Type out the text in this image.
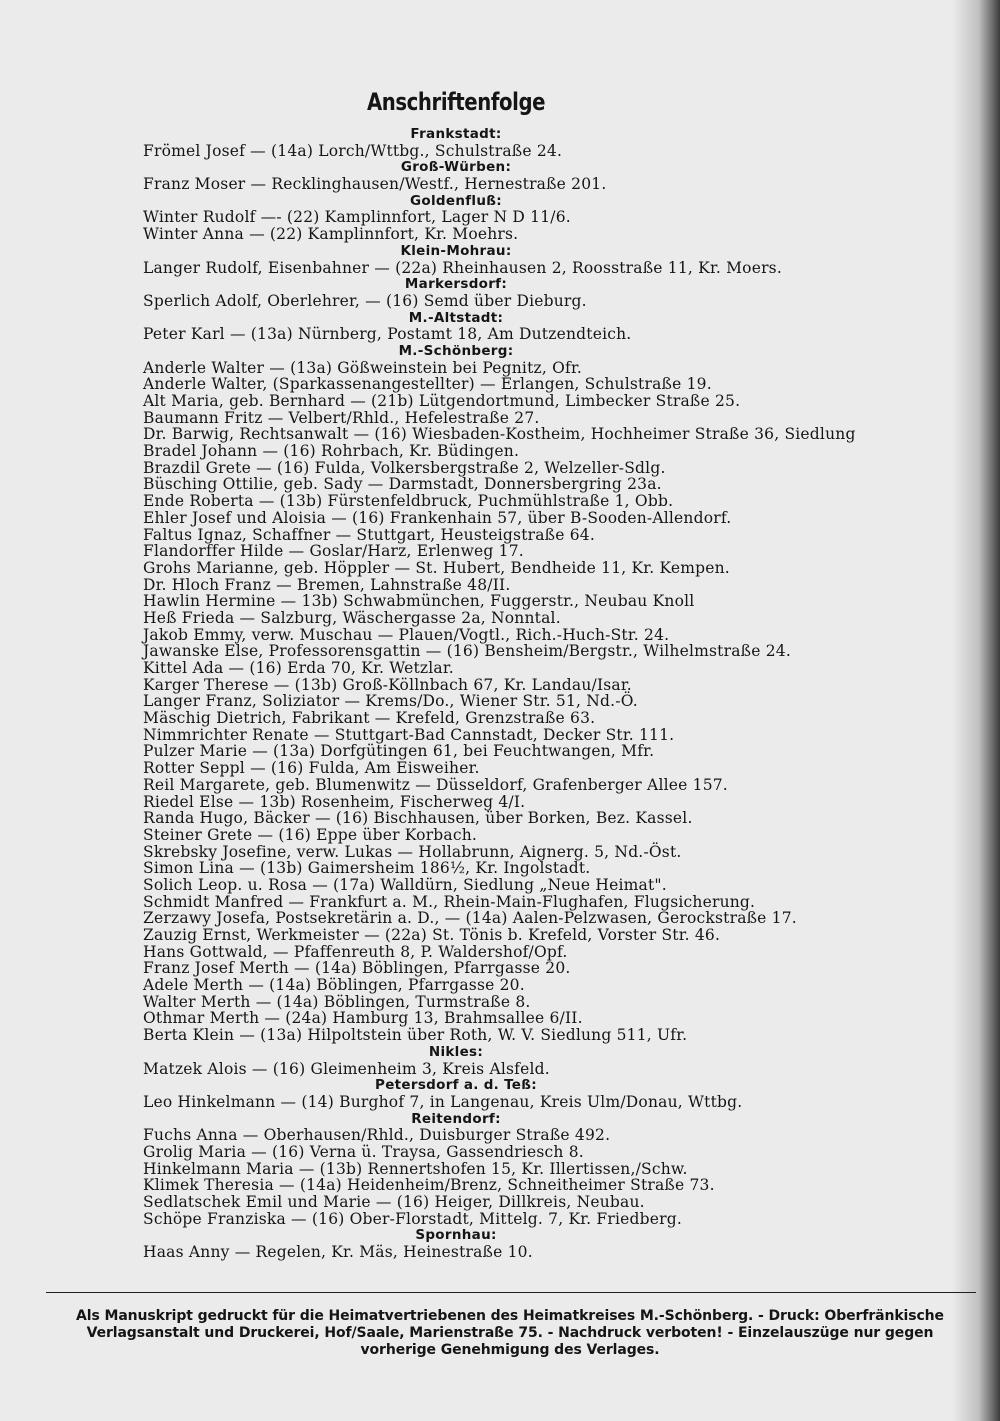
Anschriftenfolge
Frankstadt:
Frömel Josef — (14a) Lorch/Wttbg., Schulstraße 24.
Groß-Würben:
Franz Moser — Recklinghausen/Westf., Hernestraße 201.
Goldenfluß:
Winter Rudolf —- (22) Kamplinnfort, Lager N D 11/6.
Winter Anna — (22) Kamplinnfort, Kr. Moehrs.
Klein-Mohrau:
Langer Rudolf, Eisenbahner — (22a) Rheinhausen 2, Roosstraße 11, Kr. Moers.
Markersdorf:
Sperlich Adolf, Oberlehrer, — (16) Semd über Dieburg.
M.-Altstadt:
Peter Karl — (13a) Nürnberg, Postamt 18, Am Dutzendteich.
M.-Schönberg:
Anderle Walter — (13a) Gößweinstein bei Pegnitz, Ofr.
Anderle Walter, (Sparkassenangestellter) — Erlangen, Schulstraße 19.
Alt Maria, geb. Bernhard — (21b) Lütgendortmund, Limbecker Straße 25.
Baumann Fritz — Velbert/Rhld., Hefelestraße 27.
Dr. Barwig, Rechtsanwalt — (16) Wiesbaden-Kostheim, Hochheimer Straße 36, Siedlung
Bradel Johann — (16) Rohrbach, Kr. Büdingen.
Brazdil Grete — (16) Fulda, Volkersbergstraße 2, Welzeller-Sdlg.
Büsching Ottilie, geb. Sady — Darmstadt, Donnersbergring 23a.
Ende Roberta — (13b) Fürstenfeldbruck, Puchmühlstraße 1, Obb.
Ehler Josef und Aloisia — (16) Frankenhain 57, über B-Sooden-Allendorf.
Faltus Ignaz, Schaffner — Stuttgart, Heusteigstraße 64.
Flandorffer Hilde — Goslar/Harz, Erlenweg 17.
Grohs Marianne, geb. Höppler — St. Hubert, Bendheide 11, Kr. Kempen.
Dr. Hloch Franz — Bremen, Lahnstraße 48/II.
Hawlin Hermine — 13b) Schwabmünchen, Fuggerstr., Neubau Knoll
Heß Frieda — Salzburg, Wäschergasse 2a, Nonntal.
Jakob Emmy, verw. Muschau — Plauen/Vogtl., Rich.-Huch-Str. 24.
Jawanske Else, Professorensgattin — (16) Bensheim/Bergstr., Wilhelmstraße 24.
Kittel Ada — (16) Erda 70, Kr. Wetzlar.
Karger Therese — (13b) Groß-Köllnbach 67, Kr. Landau/Isar.
Langer Franz, Soliziator — Krems/Do., Wiener Str. 51, Nd.-Ö.
Mäschig Dietrich, Fabrikant — Krefeld, Grenzstraße 63.
Nimmrichter Renate — Stuttgart-Bad Cannstadt, Decker Str. 111.
Pulzer Marie — (13a) Dorfgütingen 61, bei Feuchtwangen, Mfr.
Rotter Seppl — (16) Fulda, Am Eisweiher.
Reil Margarete, geb. Blumenwitz — Düsseldorf, Grafenberger Allee 157.
Riedel Else — 13b) Rosenheim, Fischerweg 4/I.
Randa Hugo, Bäcker — (16) Bischhausen, über Borken, Bez. Kassel.
Steiner Grete — (16) Eppe über Korbach.
Skrebsky Josefine, verw. Lukas — Hollabrunn, Aignerg. 5, Nd.-Öst.
Simon Lina — (13b) Gaimersheim 186½, Kr. Ingolstadt.
Solich Leop. u. Rosa — (17a) Walldürn, Siedlung „Neue Heimat".
Schmidt Manfred — Frankfurt a. M., Rhein-Main-Flughafen, Flugsicherung.
Zerzawy Josefa, Postsekretärin a. D., — (14a) Aalen-Pelzwasen, Gerockstraße 17.
Zauzig Ernst, Werkmeister — (22a) St. Tönis b. Krefeld, Vorster Str. 46.
Hans Gottwald, — Pfaffenreuth 8, P. Waldershof/Opf.
Franz Josef Merth — (14a) Böblingen, Pfarrgasse 20.
Adele Merth — (14a) Böblingen, Pfarrgasse 20.
Walter Merth — (14a) Böblingen, Turmstraße 8.
Othmar Merth — (24a) Hamburg 13, Brahmsallee 6/II.
Berta Klein — (13a) Hilpoltstein über Roth, W. V. Siedlung 511, Ufr.
Nikles:
Matzek Alois — (16) Gleimenheim 3, Kreis Alsfeld.
Petersdorf a. d. Teß:
Leo Hinkelmann — (14) Burghof 7, in Langenau, Kreis Ulm/Donau, Wttbg.
Reitendorf:
Fuchs Anna — Oberhausen/Rhld., Duisburger Straße 492.
Grolig Maria — (16) Verna ü. Traysa, Gassendriesch 8.
Hinkelmann Maria — (13b) Rennertshofen 15, Kr. Illertissen,/Schw.
Klimek Theresia — (14a) Heidenheim/Brenz, Schneitheimer Straße 73.
Sedlatschek Emil und Marie — (16) Heiger, Dillkreis, Neubau.
Schöpe Franziska — (16) Ober-Florstadt, Mittelg. 7, Kr. Friedberg.
Spornhau:
Haas Anny — Regelen, Kr. Mäs, Heinestraße 10.
Als Manuskript gedruckt für die Heimatvertriebenen des Heimatkreises M.-Schönberg. - Druck: Oberfränkische
Verlagsanstalt und Druckerei, Hof/Saale, Marienstraße 75. - Nachdruck verboten! - Einzelauszüge nur gegen
vorherige Genehmigung des Verlages.
